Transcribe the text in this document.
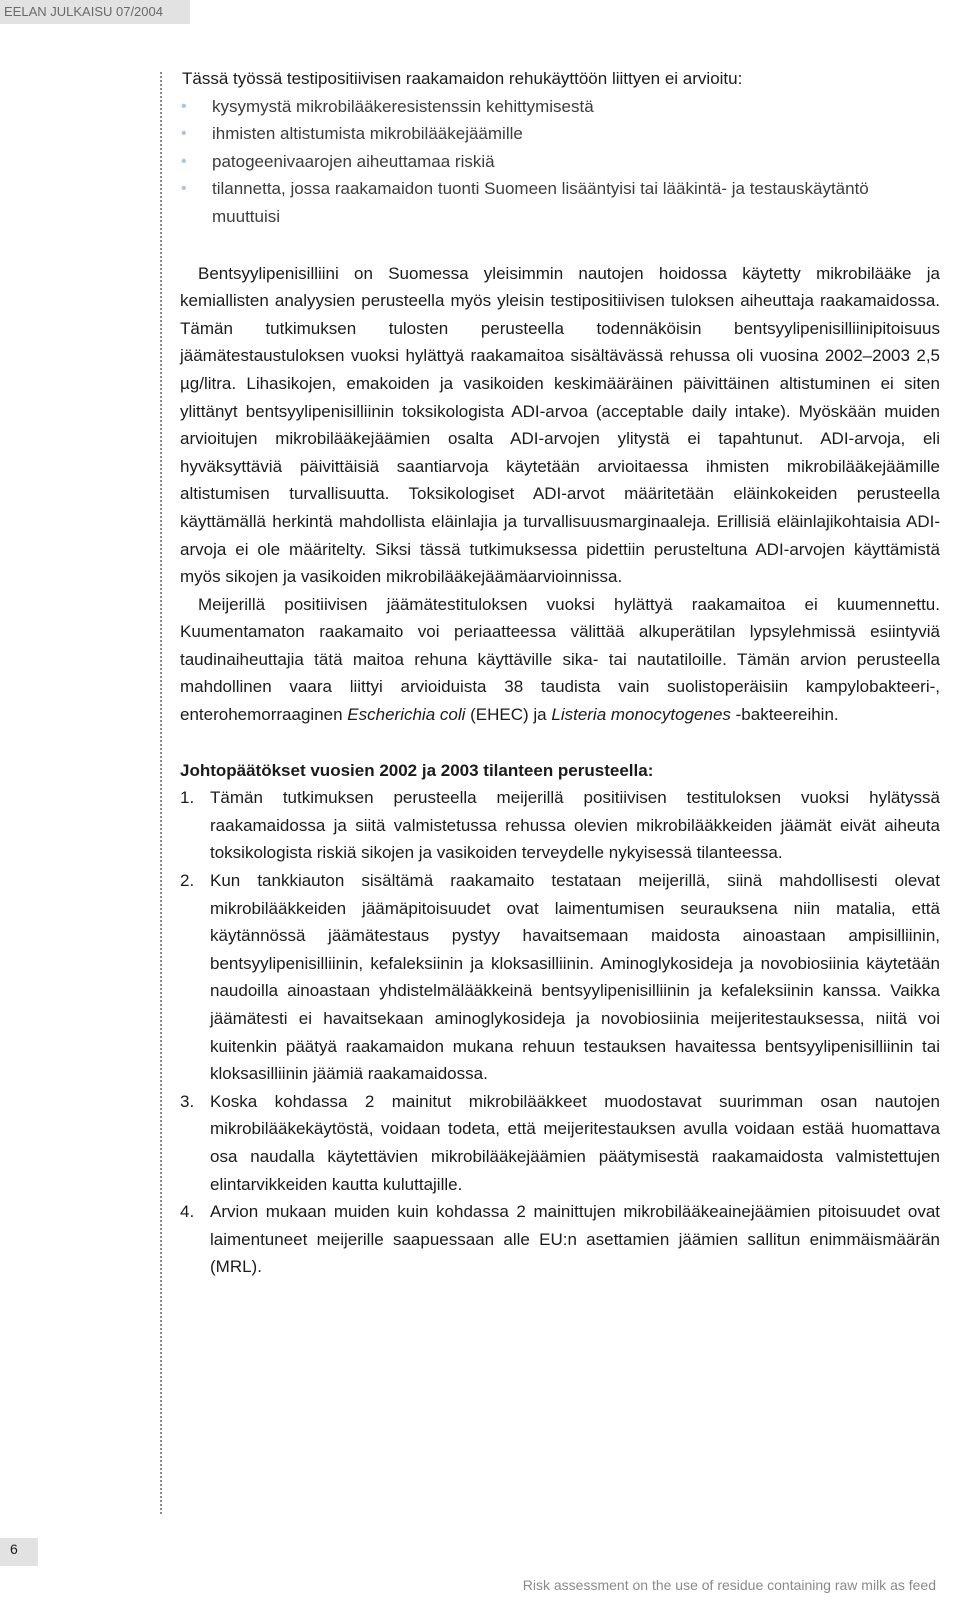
EELAN JULKAISU 07/2004

Tässä työssä testipositiivisen raakamaidon rehukäyttöön liittyen ei arvioitu:

• kysymystä mikrobilääkeresistenssin kehittymisestä
• ihmisten altistumista mikrobilääkejäämille
• patogeenivaarojen aiheuttamaa riskiä
• tilannetta, jossa raakamaidon tuonti Suomeen lisääntyisi tai lääkintä- ja testauskäytäntö muuttuisi

Bentsyylipenisilliini on Suomessa yleisimmin nautojen hoidossa käytetty mikrobilääke ja kemiallisten analyysien perusteella myös yleisin testipositiivisen tuloksen aiheuttaja raakamaidossa. Tämän tutkimuksen tulosten perusteella todennäköisin bentsyylipenisilliinipitoisuus jäämätestaustuloksen vuoksi hylättyä raakamaitoa sisältävässä rehussa oli vuosina 2002–2003 2,5 µg/litra. Lihasikojen, emakoiden ja vasikoiden keskimääräinen päivittäinen altistuminen ei siten ylittänyt bentsyylipenisilliinin toksikologista ADI-arvoa (acceptable daily intake). Myöskään muiden arvioitujen mikrobilääkejäämien osalta ADI-arvojen ylitystä ei tapahtunut. ADI-arvoja, eli hyväksyttäviä päivittäisiä saantiarvoja käytetään arvioitaessa ihmisten mikrobilääkejäämille altistumisen turvallisuutta. Toksikologiset ADI-arvot määritetään eläinkokeiden perusteella käyttämällä herkintä mahdollista eläinlajia ja turvallisuusmarginaaleja. Erillisiä eläinlajikohtaisia ADI-arvoja ei ole määritelty. Siksi tässä tutkimuksessa pidettiin perusteltuna ADI-arvojen käyttämistä myös sikojen ja vasikoiden mikrobilääkejäämäarvioinnissa.

Meijerillä positiivisen jäämätestituloksen vuoksi hylättyä raakamaitoa ei kuumennettu. Kuumentamaton raakamaito voi periaatteessa välittää alkuperätilan lypsylehmissä esiintyviä taudinaiheuttajia tätä maitoa rehuna käyttäville sika- tai nautatiloille. Tämän arvion perusteella mahdollinen vaara liittyi arvioiduista 38 taudista vain suolistoperäisiin kampylobakteeri-, enterohemorraaginen Escherichia coli (EHEC) ja Listeria monocytogenes -bakteereihin.

Johtopäätökset vuosien 2002 ja 2003 tilanteen perusteella:

1. Tämän tutkimuksen perusteella meijerillä positiivisen testituloksen vuoksi hylätyssä raakamaidossa ja siitä valmistetussa rehussa olevien mikrobilääkkeiden jäämät eivät aiheuta toksikologista riskiä sikojen ja vasikoiden terveydelle nykyisessä tilanteessa.
2. Kun tankkiauton sisältämä raakamaito testataan meijerillä, siinä mahdollisesti olevat mikrobilääkkeiden jäämäpitoisuudet ovat laimentumisen seurauksena niin matalia, että käytännössä jäämätestaus pystyy havaitsemaan maidosta ainoastaan ampisilliinin, bentsyylipenisilliinin, kefaleksiinin ja kloksasilliinin. Aminoglykosideja ja novobiosiinia käytetään naudoilla ainoastaan yhdistelmälääkkeinä bentsyylipenisilliinin ja kefaleksiinin kanssa. Vaikka jäämätesti ei havaitsekaan aminoglykosideja ja novobiosiinia meijeritestauksessa, niitä voi kuitenkin päätyä raakamaidon mukana rehuun testauksen havaitessa bentsyylipenisilliinin tai kloksasilliinin jäämiä raakamaidossa.
3. Koska kohdassa 2 mainitut mikrobilääkkeet muodostavat suurimman osan nautojen mikrobilääkekäytöstä, voidaan todeta, että meijeritestauksen avulla voidaan estää huomattava osa naudalla käytettävien mikrobilääkejäämien päätymisestä raakamaidosta valmistettujen elintarvikkeiden kautta kuluttajille.
4. Arvion mukaan muiden kuin kohdassa 2 mainittujen mikrobilääkeainejäämien pitoisuudet ovat laimentuneet meijerille saapuessaan alle EU:n asettamien jäämien sallitun enimmäismäärän (MRL).
6
Risk assessment on the use of residue containing raw milk as feed
